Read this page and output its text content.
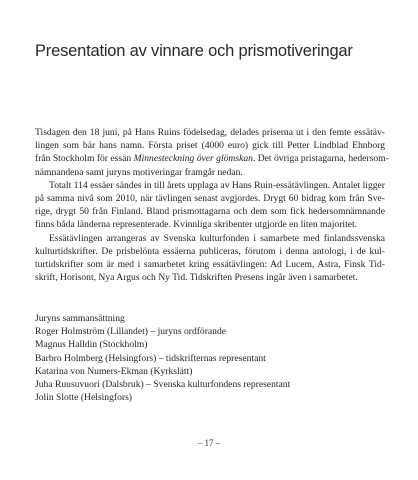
Presentation av vinnare och prismotiveringar

Tisdagen den 18 juni, på Hans Ruins födelsedag, delades priserna ut i den femte essätäv-
lingen som bär hans namn. Första priset (4000 euro) gick till Petter Lindblad Ehnborg
från Stockholm för essän Minnesteckning över glömskan. Det övriga pristagarna, hedersom-
nämnandena samt juryns motiveringar framgår nedan.

Totalt 114 essäer sändes in till årets upplaga av Hans Ruin-essätävlingen. Antalet ligger
på samma nivå som 2010, när tävlingen senast avgjordes. Drygt 60 bidrag kom från Sve-
rige, drygt 50 från Finland. Bland prismottagarna och dem som fick hedersomnämnande
finns båda länderna representerade. Kvinnliga skribenter utgjorde en liten majoritet.

Essätävlingen arrangeras av Svenska kulturfonden i samarbete med finlandssvenska
kulturtidskrifter. De prisbelönta essäerna publiceras, förutom i denna antologi, i de kul-
turtidskrifter som är med i samarbetet kring essätävlingen: Ad Lucem, Astra, Finsk Tid-
skrift, Horisont, Nya Argus och Ny Tid. Tidskriften Presens ingår även i samarbetet.

Juryns sammansättning
Roger Holmström (Lillandet) – juryns ordförande
Magnus Halldin (Stockholm)
Barbro Holmberg (Helsingfors) – tidskrifternas representant
Katarina von Numers-Ekman (Kyrkslätt)
Juha Ruusuvuori (Dalsbruk) – Svenska kulturfondens representant
Jolin Slotte (Helsingfors)
– 17 –
